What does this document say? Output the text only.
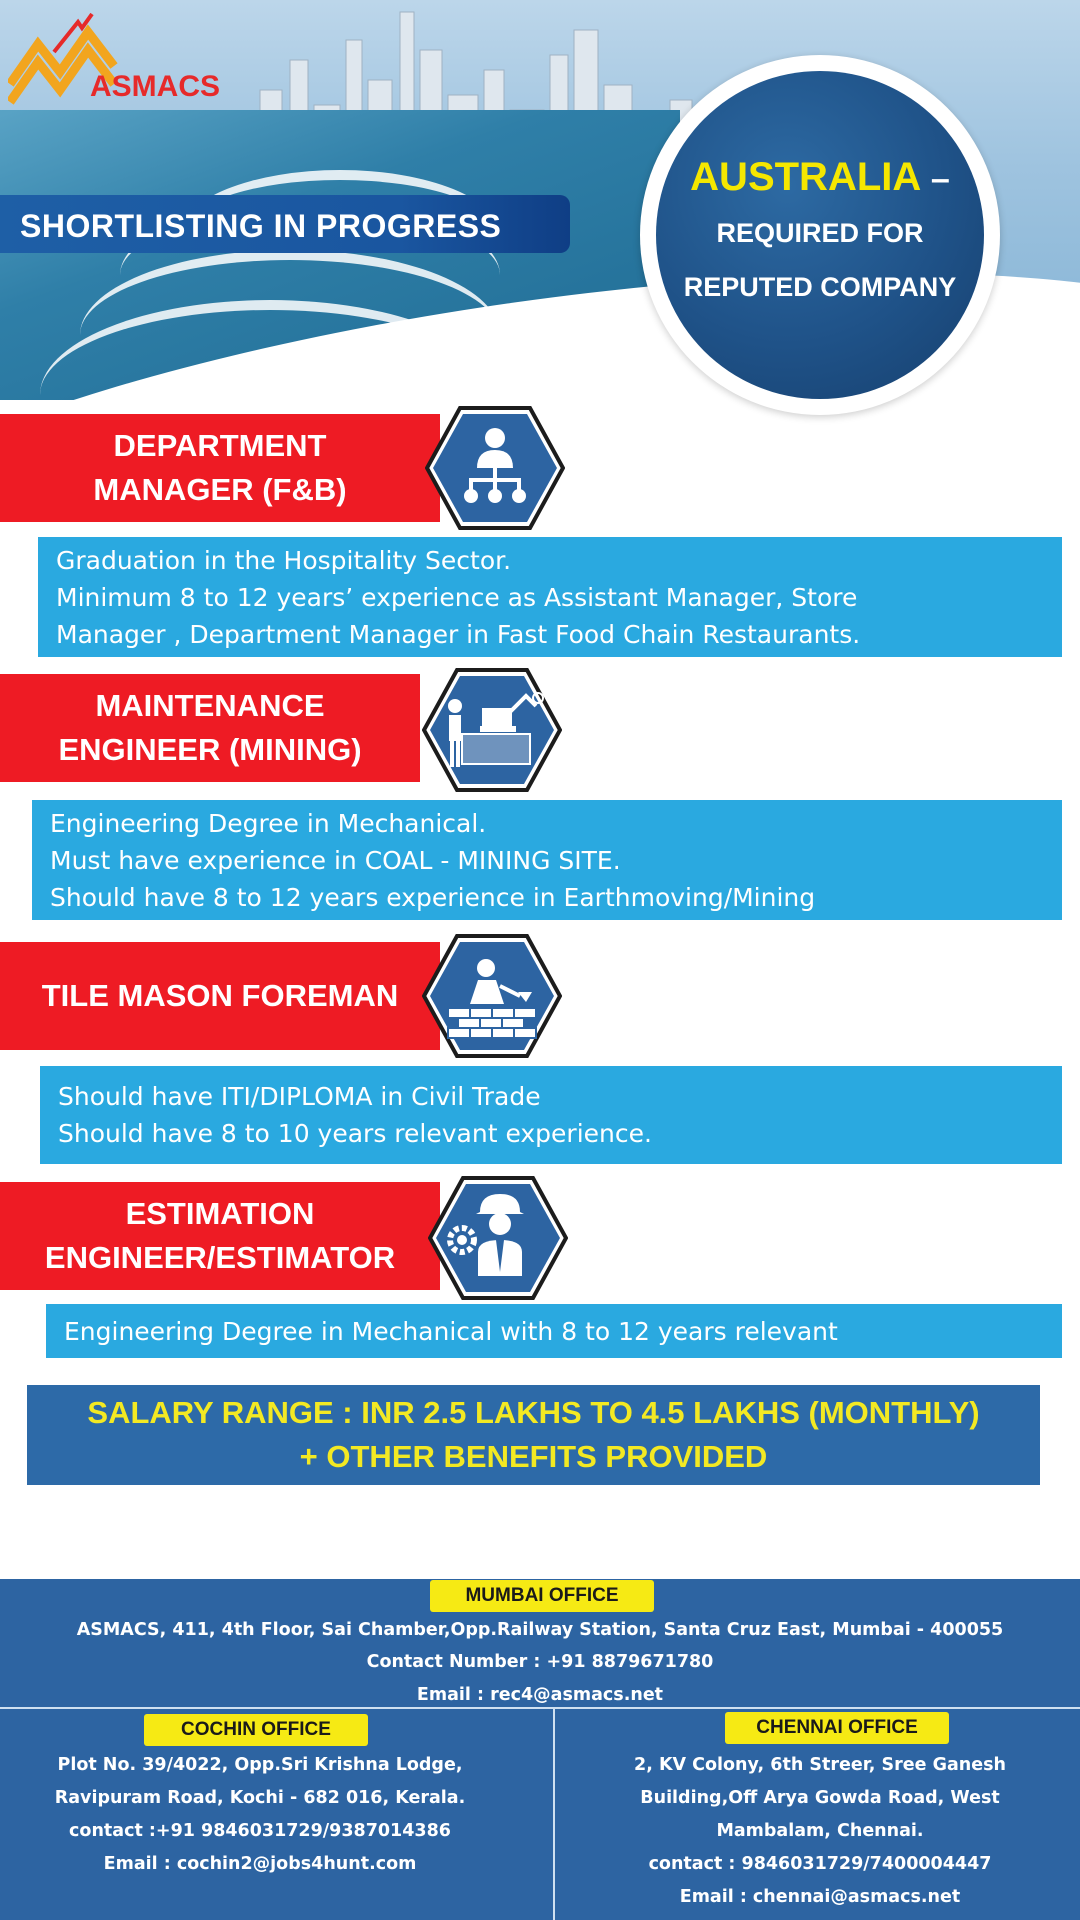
ASMACS
SHORTLISTING IN PROGRESS
AUSTRALIA –
REQUIRED FOR
REPUTED COMPANY
DEPARTMENT
MANAGER (F&B)
Graduation in the Hospitality Sector.
Minimum 8 to 12 years’ experience as Assistant Manager, Store
Manager , Department Manager in Fast Food Chain Restaurants.
MAINTENANCE
ENGINEER (MINING)
Engineering Degree in Mechanical.
Must have experience in COAL - MINING SITE.
Should have 8 to 12 years experience in Earthmoving/Mining
TILE MASON FOREMAN
Should have ITI/DIPLOMA in Civil Trade
Should have 8 to 10 years relevant experience.
ESTIMATION
ENGINEER/ESTIMATOR
Engineering Degree in Mechanical with 8 to 12 years relevant
SALARY RANGE : INR 2.5 LAKHS TO 4.5 LAKHS (MONTHLY)
+ OTHER BENEFITS PROVIDED
MUMBAI OFFICE
ASMACS, 411, 4th Floor, Sai Chamber,Opp.Railway Station, Santa Cruz East, Mumbai - 400055
Contact Number : +91 8879671780
Email : rec4@asmacs.net
COCHIN OFFICE
Plot No. 39/4022, Opp.Sri Krishna Lodge,
Ravipuram Road, Kochi - 682 016, Kerala.
contact :+91 9846031729/9387014386
Email : cochin2@jobs4hunt.com
CHENNAI OFFICE
2, KV Colony, 6th Streer, Sree Ganesh
Building,Off Arya Gowda Road, West
Mambalam, Chennai.
contact : 9846031729/7400004447
Email : chennai@asmacs.net
